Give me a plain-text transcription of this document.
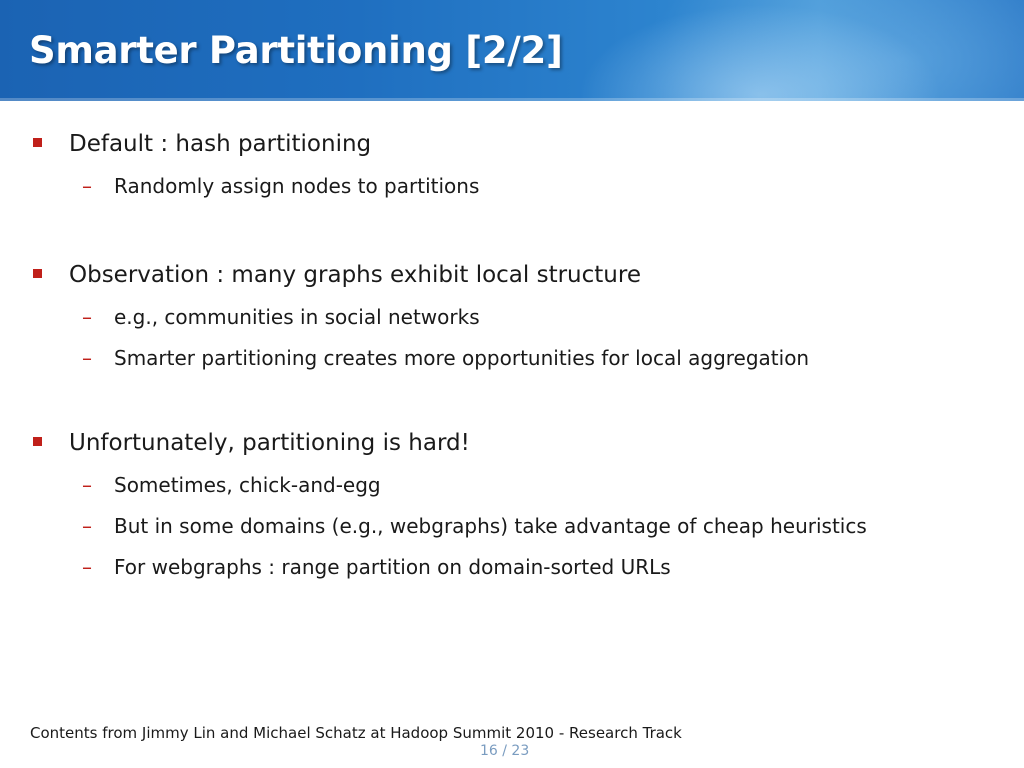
Smarter Partitioning [2/2]
Default : hash partitioning
– Randomly assign nodes to partitions
Observation : many graphs exhibit local structure
– e.g., communities in social networks
– Smarter partitioning creates more opportunities for local aggregation
Unfortunately, partitioning is hard!
– Sometimes, chick-and-egg
– But in some domains (e.g., webgraphs) take advantage of cheap heuristics
– For webgraphs : range partition on domain-sorted URLs
Contents from Jimmy Lin and Michael Schatz at Hadoop Summit 2010 - Research Track
16 / 23
